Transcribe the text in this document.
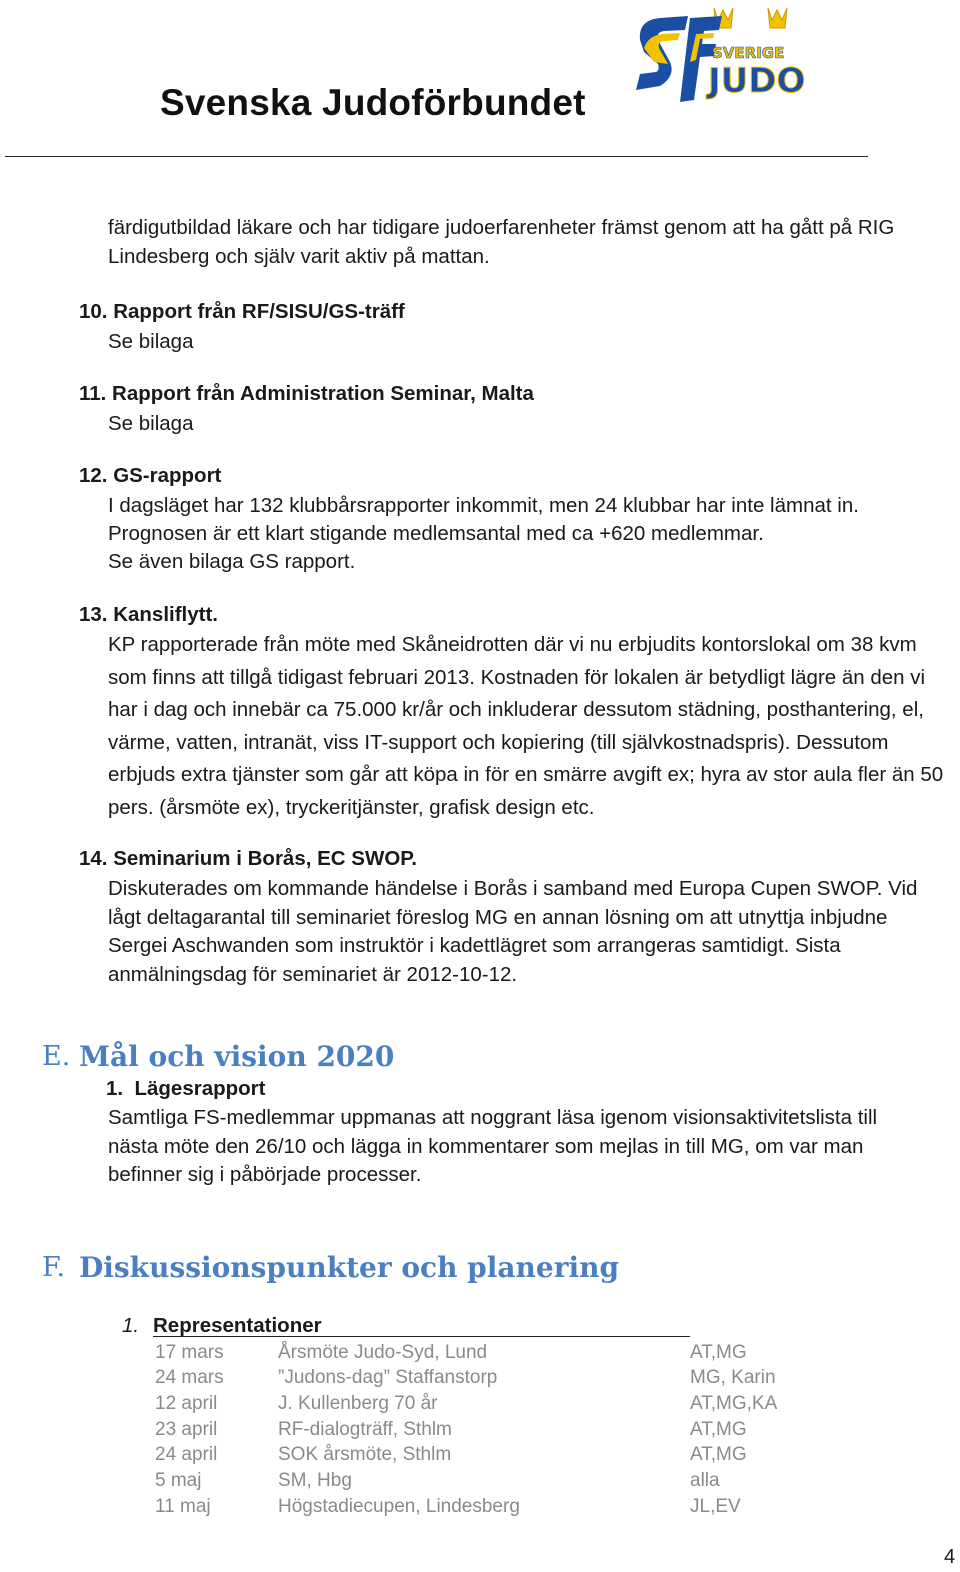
Svenska Judoförbundet
SVERIGE
JUDO
färdigutbildad läkare och har tidigare judoerfarenheter främst genom att ha gått på RIG Lindesberg och själv varit aktiv på mattan.
10. Rapport från RF/SISU/GS-träff
Se bilaga
11. Rapport från Administration Seminar, Malta
Se bilaga
12. GS-rapport
I dagsläget har 132 klubbårsrapporter inkommit, men 24 klubbar har inte lämnat in.
Prognosen är ett klart stigande medlemsantal med ca +620 medlemmar.
Se även bilaga GS rapport.
13. Kansliflytt.
KP rapporterade från möte med Skåneidrotten där vi nu erbjudits kontorslokal om 38 kvm som finns att tillgå tidigast februari 2013. Kostnaden för lokalen är betydligt lägre än den vi har i dag och innebär ca 75.000 kr/år och inkluderar dessutom städning, posthantering, el, värme, vatten, intranät, viss IT-support och kopiering (till självkostnadspris). Dessutom erbjuds extra tjänster som går att köpa in för en smärre avgift ex; hyra av stor aula fler än 50 pers. (årsmöte ex), tryckeritjänster, grafisk design etc.
14. Seminarium i Borås, EC SWOP.
Diskuterades om kommande händelse i Borås i samband med Europa Cupen SWOP. Vid lågt deltagarantal till seminariet föreslog MG en annan lösning om att utnyttja inbjudne Sergei Aschwanden som instruktör i kadettlägret som arrangeras samtidigt. Sista anmälningsdag för seminariet är 2012-10-12.
E. Mål och vision 2020
1.  Lägesrapport
Samtliga FS-medlemmar uppmanas att noggrant läsa igenom visionsaktivitetslista till nästa möte den 26/10 och lägga in kommentarer som mejlas in till MG, om var man befinner sig i påbörjade processer.
F. Diskussionspunkter och planering
1. Representationer
17 mars	Årsmöte Judo-Syd, Lund	AT,MG
24 mars	”Judons-dag” Staffanstorp	MG, Karin
12 april	J. Kullenberg 70 år	AT,MG,KA
23 april	RF-dialogträff, Sthlm	AT,MG
24 april	SOK årsmöte, Sthlm	AT,MG
5 maj	SM, Hbg	alla
11 maj	Högstadiecupen, Lindesberg	JL,EV
4
